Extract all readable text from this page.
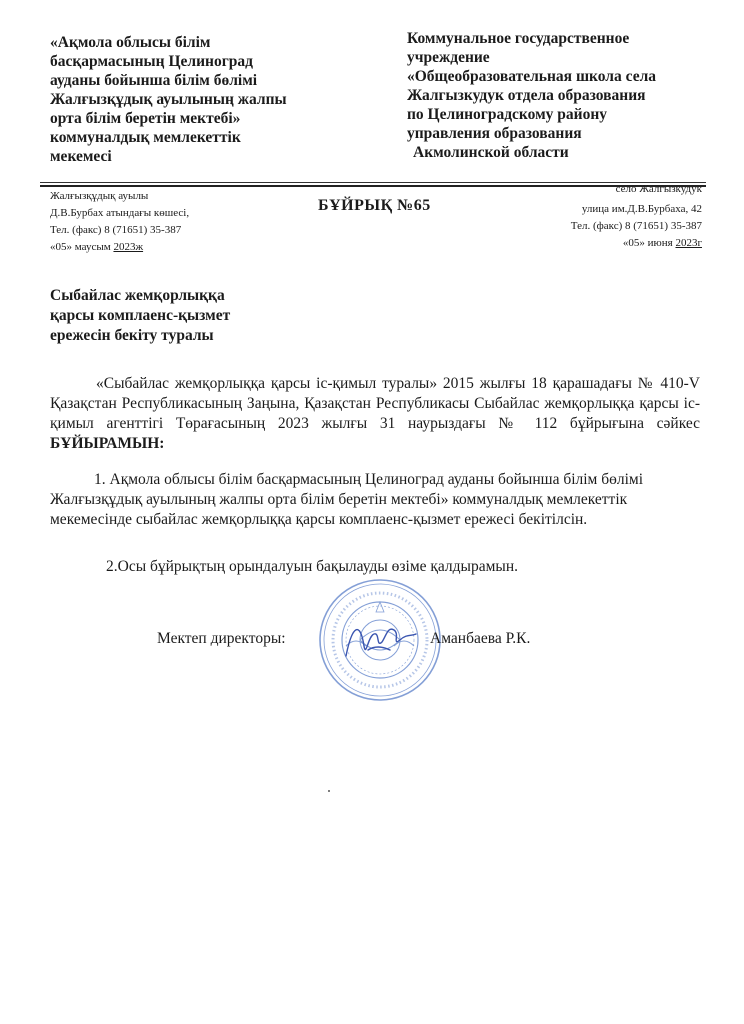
«Ақмола облысы білім
басқармасының Целиноград
ауданы бойынша білім бөлімі
Жалғызқұдық ауылының жалпы
орта білім беретін мектебі»
коммуналдық мемлекеттік
мекемесі
Коммунальное государственное
учреждение
«Общеобразовательная школа села
Жалгызкудук отдела образования
по Целиноградскому району
управления образования
Акмолинской области
Жалғызқұдық ауылы
Д.В.Бурбах атындағы көшесі,
Тел. (факс) 8 (71651) 35-387
«05» маусым 2023ж
БҰЙРЫҚ №65
село Жалгызкудук
улица им.Д.В.Бурбаха, 42
Тел. (факс) 8 (71651) 35-387
«05» июня 2023г
Сыбайлас жемқорлыққа
қарсы комплаенс-қызмет
ережесін бекіту туралы
«Сыбайлас жемқорлыққа қарсы іс-қимыл туралы» 2015 жылғы 18 қарашадағы № 410-V Қазақстан Республикасының Заңына, Қазақстан Республикасы Сыбайлас жемқорлыққа қарсы іс-қимыл агенттігі Төрағасының 2023 жылғы 31 наурыздағы № 112 бұйрығына сәйкес БҰЙЫРАМЫН:
1. Ақмола облысы білім басқармасының Целиноград ауданы бойынша білім бөлімі Жалғызқұдық ауылының жалпы орта білім беретін мектебі» коммуналдық мемлекеттік мекемесінде сыбайлас жемқорлыққа қарсы комплаенс-қызмет ережесі бекітілсін.
2.Осы бұйрықтың орындалуын бақылауды өзіме қалдырамын.
Мектеп директоры:	Аманбаева Р.К.
